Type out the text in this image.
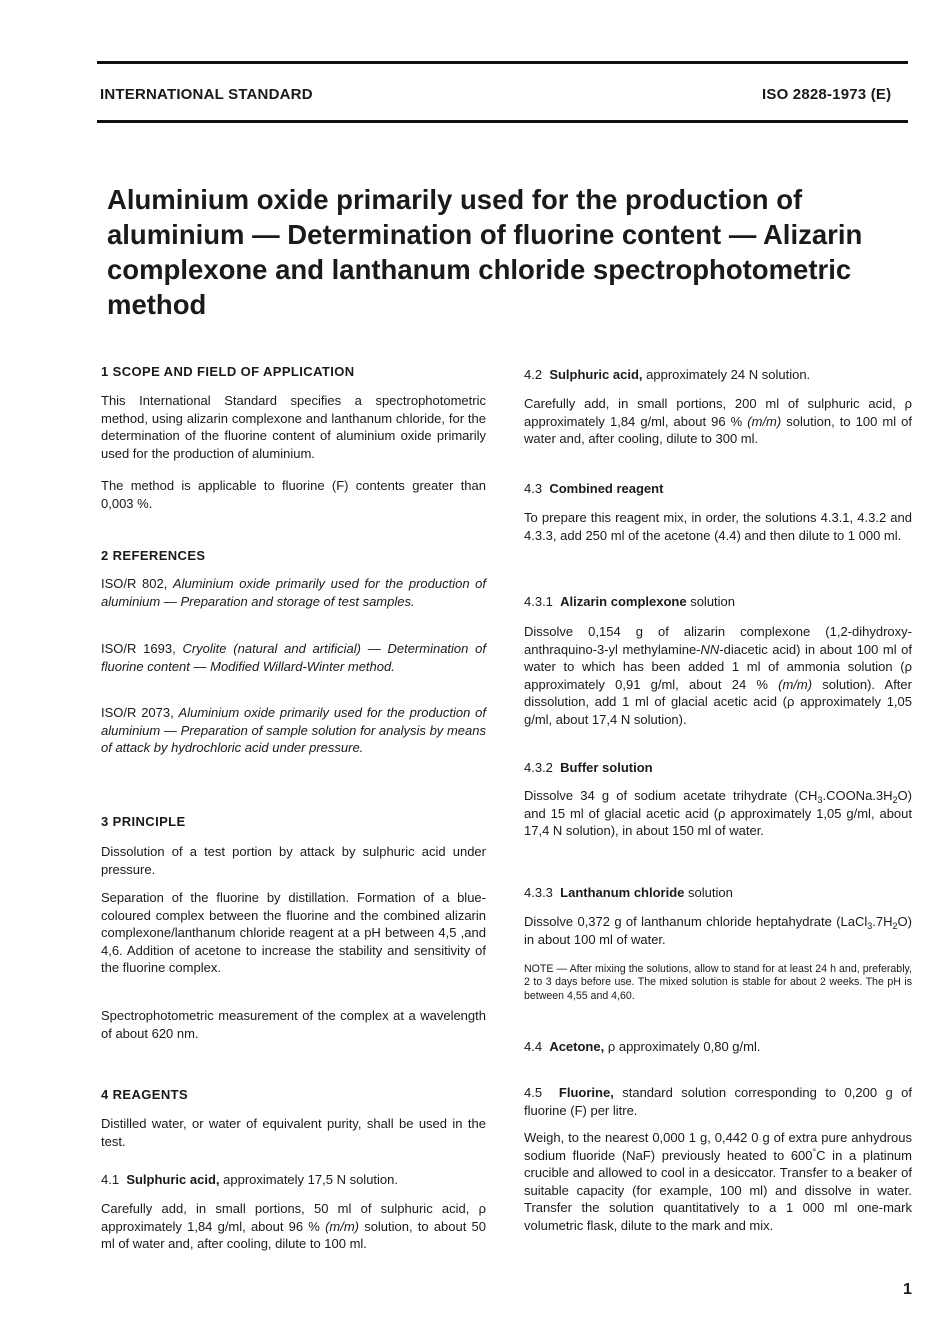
INTERNATIONAL STANDARD	ISO 2828-1973 (E)
Aluminium oxide primarily used for the production of
aluminium — Determination of fluorine content — Alizarin
complexone and lanthanum chloride spectrophotometric
method
1 SCOPE AND FIELD OF APPLICATION

This International Standard specifies a spectrophotometric method, using alizarin complexone and lanthanum chloride, for the determination of the fluorine content of aluminium oxide primarily used for the production of aluminium.

The method is applicable to fluorine (F) contents greater than 0,003 %.

2 REFERENCES

ISO/R 802, Aluminium oxide primarily used for the production of aluminium — Preparation and storage of test samples.

ISO/R 1693, Cryolite (natural and artificial) — Determination of fluorine content — Modified Willard-Winter method.

ISO/R 2073, Aluminium oxide primarily used for the production of aluminium — Preparation of sample solution for analysis by means of attack by hydrochloric acid under pressure.

3 PRINCIPLE

Dissolution of a test portion by attack by sulphuric acid under pressure.

Separation of the fluorine by distillation. Formation of a blue-coloured complex between the fluorine and the combined alizarin complexone/lanthanum chloride reagent at a pH between 4,5 ,and 4,6. Addition of acetone to increase the stability and sensitivity of the fluorine complex.

Spectrophotometric measurement of the complex at a wavelength of about 620 nm.

4 REAGENTS

Distilled water, or water of equivalent purity, shall be used in the test.

4.1 Sulphuric acid, approximately 17,5 N solution.

Carefully add, in small portions, 50 ml of sulphuric acid, ρ approximately 1,84 g/ml, about 96 % (m/m) solution, to about 50 ml of water and, after cooling, dilute to 100 ml.

4.2 Sulphuric acid, approximately 24 N solution.

Carefully add, in small portions, 200 ml of sulphuric acid, ρ approximately 1,84 g/ml, about 96 % (m/m) solution, to 100 ml of water and, after cooling, dilute to 300 ml.

4.3 Combined reagent

To prepare this reagent mix, in order, the solutions 4.3.1, 4.3.2 and 4.3.3, add 250 ml of the acetone (4.4) and then dilute to 1 000 ml.

4.3.1 Alizarin complexone solution

Dissolve 0,154 g of alizarin complexone (1,2-dihydroxy-anthraquino-3-yl methylamine-NN-diacetic acid) in about 100 ml of water to which has been added 1 ml of ammonia solution (ρ approximately 0,91 g/ml, about 24 % (m/m) solution). After dissolution, add 1 ml of glacial acetic acid (ρ approximately 1,05 g/ml, about 17,4 N solution).

4.3.2 Buffer solution

Dissolve 34 g of sodium acetate trihydrate $(CH_3.COONa.3H_2O)$ and 15 ml of glacial acetic acid (ρ approximately 1,05 g/ml, about 17,4 N solution), in about 150 ml of water.

4.3.3 Lanthanum chloride solution

Dissolve 0,372 g of lanthanum chloride heptahydrate $(LaCl_3.7H_2O)$ in about 100 ml of water.

NOTE — After mixing the solutions, allow to stand for at least 24 h and, preferably, 2 to 3 days before use. The mixed solution is stable for about 2 weeks. The pH is between 4,55 and 4,60.
4.4 Acetone, ρ approximately 0,80 g/ml.

4.5 Fluorine, standard solution corresponding to 0,200 g of fluorine (F) per litre.

Weigh, to the nearest 0,000 1 g, 0,442 0 g of extra pure anhydrous sodium fluoride (NaF) previously heated to 600°C in a platinum crucible and allowed to cool in a desiccator. Transfer to a beaker of suitable capacity (for example, 100 ml) and dissolve in water. Transfer the solution quantitatively to a 1 000 ml one-mark volumetric flask, dilute to the mark and mix.

1
